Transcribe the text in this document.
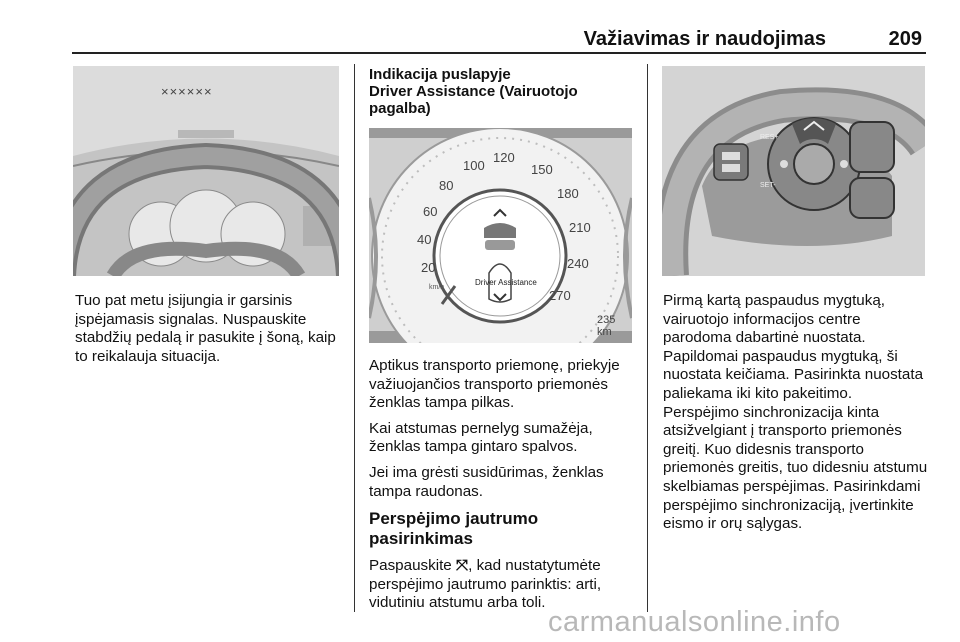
Važiavimas ir naudojimas	209
××××××

Tuo pat metu įsijungia ir garsinis įspėjamasis signalas. Nuspauskite stabdžių pedalą ir pasukite į šoną, kaip to reikalauja situacija.

Indikacija puslapyje
Driver Assistance (Vairuotojo pagalba)
20
40
60
80
100
120
150
180
210
240
270
km/h
Driver Assistance
235 km

Aptikus transporto priemonę, priekyje važiuojančios transporto priemonės ženklas tampa pilkas.

Kai atstumas pernelyg sumažėja, ženklas tampa gintaro spalvos.

Jei ima grėsti susidūrimas, ženklas tampa raudonas.

Perspėjimo jautrumo pasirinkimas

Paspauskite ⤧, kad nustatytumėte perspėjimo jautrumo parinktis: arti, vidutiniu atstumu arba toli.

RES+
SET-

Pirmą kartą paspaudus mygtuką, vairuotojo informacijos centre parodoma dabartinė nuostata. Papildomai paspaudus mygtuką, ši nuostata keičiama. Pasirinkta nuostata paliekama iki kito pakeitimo. Perspėjimo sinchronizacija kinta atsižvelgiant į transporto priemonės greitį. Kuo didesnis transporto priemonės greitis, tuo didesniu atstumu skelbiamas perspėjimas. Pasirinkdami perspėjimo sinchronizaciją, įvertinkite eismo ir orų sąlygas.

carmanualsonline.info
